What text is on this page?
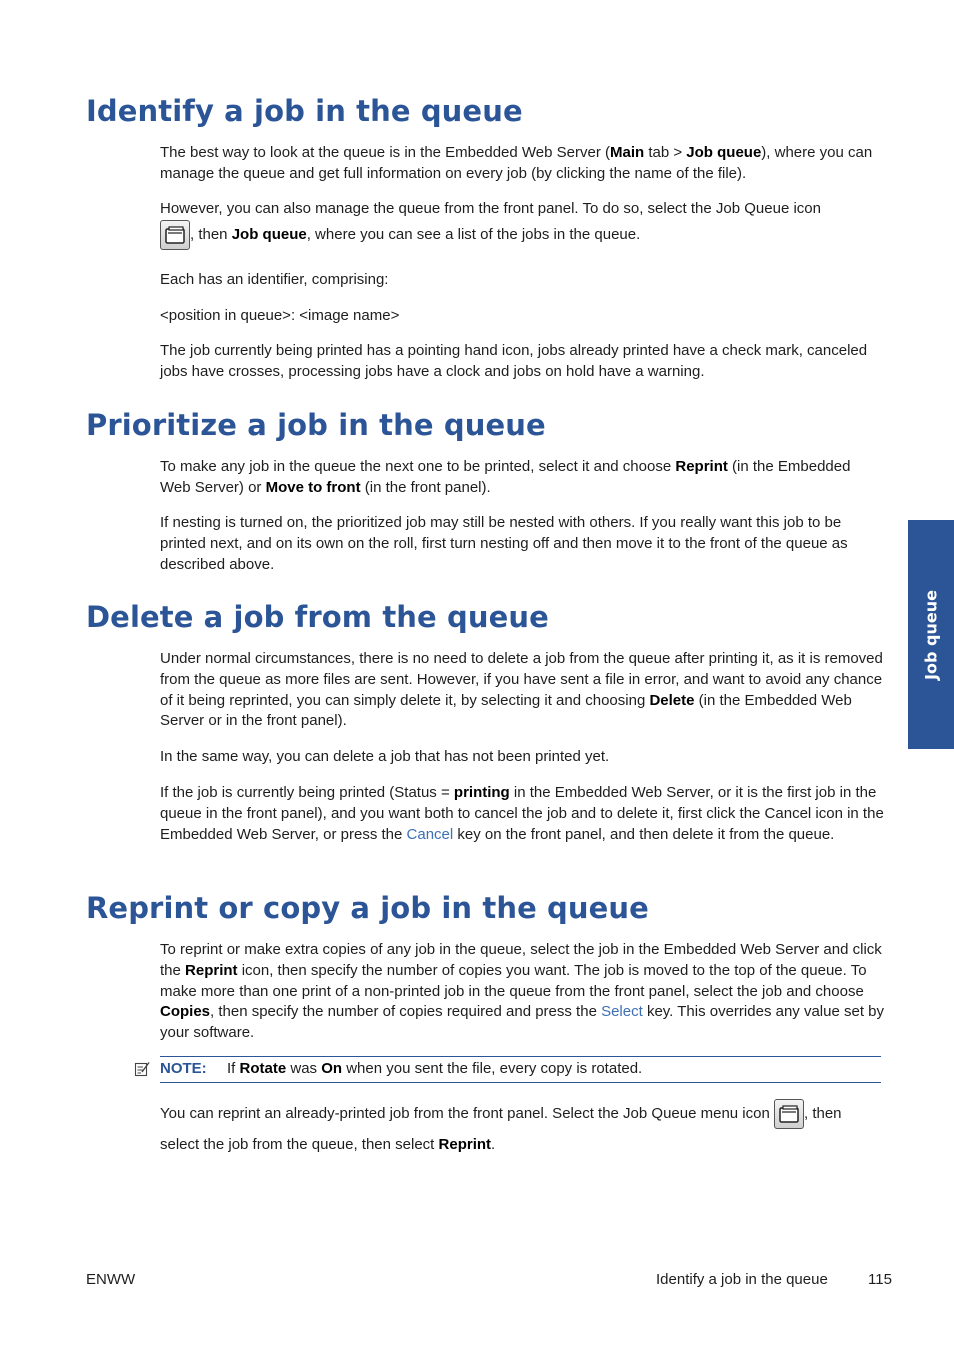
Identify a job in the queue

The best way to look at the queue is in the Embedded Web Server (Main tab > Job queue), where you can manage the queue and get full information on every job (by clicking the name of the file).

However, you can also manage the queue from the front panel. To do so, select the Job Queue icon

, then Job queue, where you can see a list of the jobs in the queue.

Each has an identifier, comprising:

<position in queue>: <image name>

The job currently being printed has a pointing hand icon, jobs already printed have a check mark, canceled jobs have crosses, processing jobs have a clock and jobs on hold have a warning.

Prioritize a job in the queue

To make any job in the queue the next one to be printed, select it and choose Reprint (in the Embedded Web Server) or Move to front (in the front panel).

If nesting is turned on, the prioritized job may still be nested with others. If you really want this job to be printed next, and on its own on the roll, first turn nesting off and then move it to the front of the queue as described above.

Delete a job from the queue

Under normal circumstances, there is no need to delete a job from the queue after printing it, as it is removed from the queue as more files are sent. However, if you have sent a file in error, and want to avoid any chance of it being reprinted, you can simply delete it, by selecting it and choosing Delete (in the Embedded Web Server or in the front panel).

In the same way, you can delete a job that has not been printed yet.

If the job is currently being printed (Status = printing in the Embedded Web Server, or it is the first job in the queue in the front panel), and you want both to cancel the job and to delete it, first click the Cancel icon in the Embedded Web Server, or press the Cancel key on the front panel, and then delete it from the queue.

Reprint or copy a job in the queue

To reprint or make extra copies of any job in the queue, select the job in the Embedded Web Server and click the Reprint icon, then specify the number of copies you want. The job is moved to the top of the queue. To make more than one print of a non-printed job in the queue from the front panel, select the job and choose Copies, then specify the number of copies required and press the Select key. This overrides any value set by your software.

NOTE: If Rotate was On when you sent the file, every copy is rotated.

You can reprint an already-printed job from the front panel. Select the Job Queue menu icon
, then
select the job from the queue, then select Reprint.

Job queue
ENWW	Identify a job in the queue	115
